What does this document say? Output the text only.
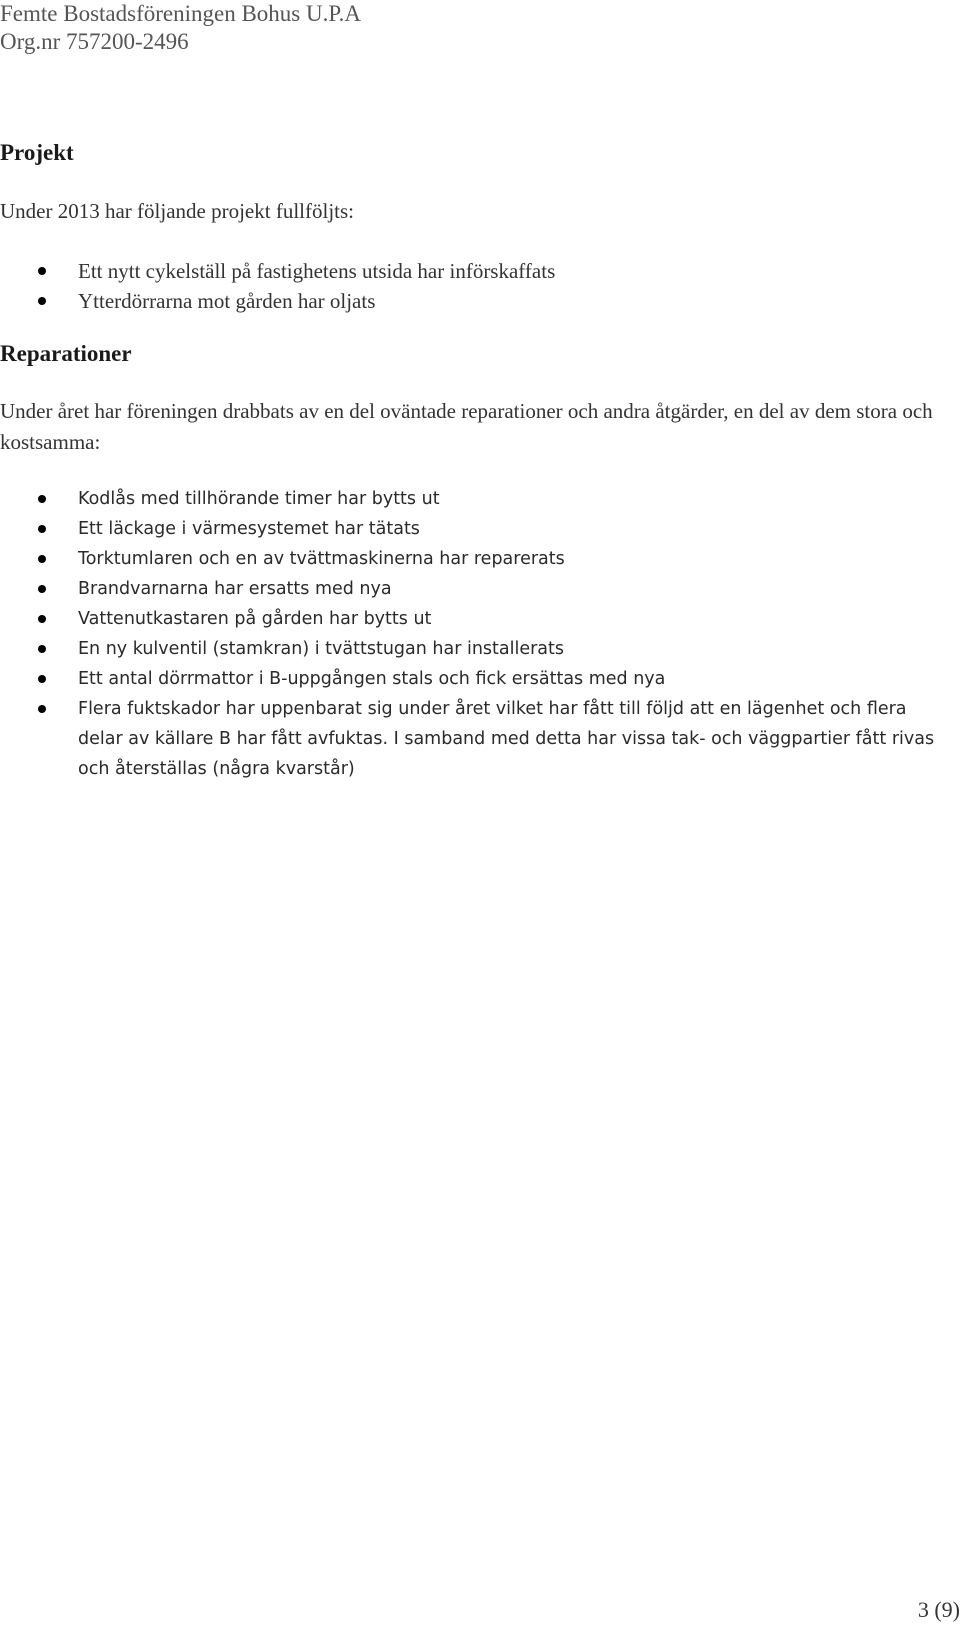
Femte Bostadsföreningen Bohus U.P.A
Org.nr 757200-2496
Projekt
Under 2013 har följande projekt fullföljts:
Ett nytt cykelställ på fastighetens utsida har införskaffats
Ytterdörrarna mot gården har oljats
Reparationer
Under året har föreningen drabbats av en del oväntade reparationer och andra åtgärder, en del av dem stora och kostsamma:
Kodlås med tillhörande timer har bytts ut
Ett läckage i värmesystemet har tätats
Torktumlaren och en av tvättmaskinerna har reparerats
Brandvarnarna har ersatts med nya
Vattenutkastaren på gården har bytts ut
En ny kulventil (stamkran) i tvättstugan har installerats
Ett antal dörrmattor i B-uppgången stals och fick ersättas med nya
Flera fuktskador har uppenbarat sig under året vilket har fått till följd att en lägenhet och flera delar av källare B har fått avfuktas. I samband med detta har vissa tak- och väggpartier fått rivas och återställas (några kvarstår)
3 (9)
